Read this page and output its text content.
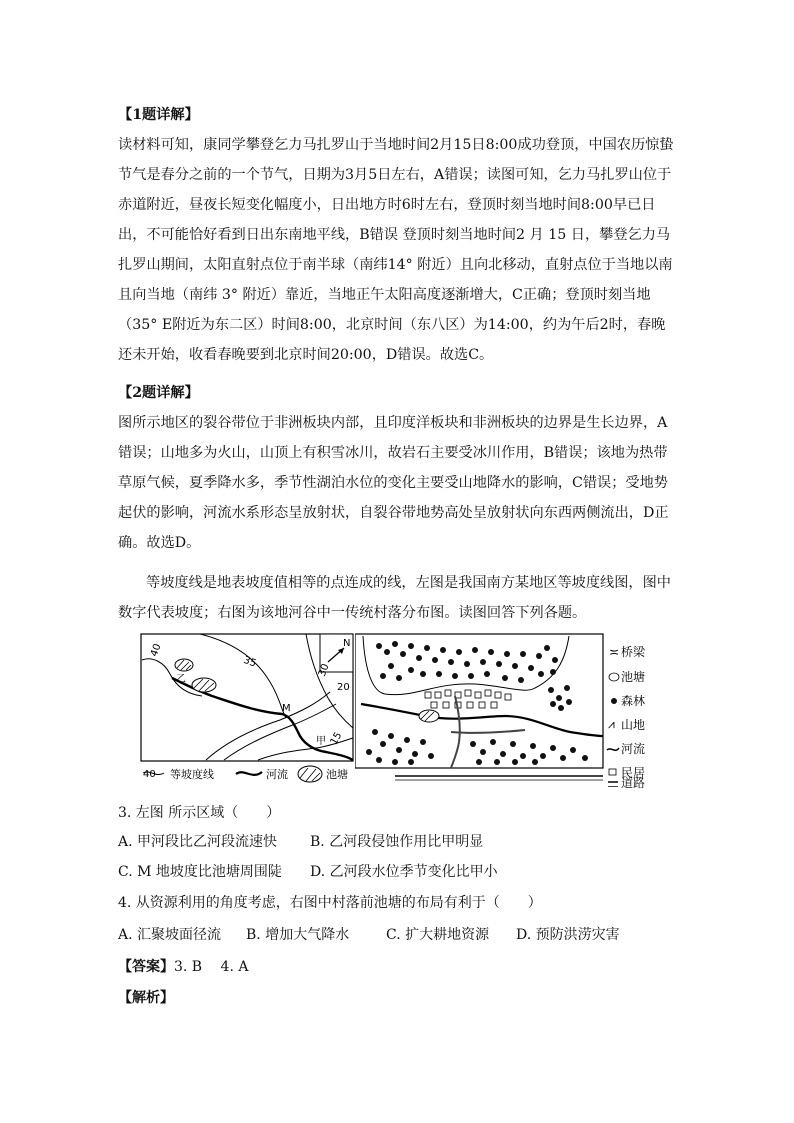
【1题详解】
读材料可知，康同学攀登乞力马扎罗山于当地时间2月15日8:00成功登顶，中国农历惊蛰节气是春分之前的一个节气，日期为3月5日左右，A错误；读图可知，乞力马扎罗山位于赤道附近，昼夜长短变化幅度小，日出地方时6时左右，登顶时刻当地时间8:00早已日出，不可能恰好看到日出东南地平线，B错误 登顶时刻当地时间2 月 15 日，攀登乞力马扎罗山期间，太阳直射点位于南半球（南纬14° 附近）且向北移动，直射点位于当地以南且向当地（南纬 3° 附近）靠近，当地正午太阳高度逐渐增大，C正确；登顶时刻当地（35° E附近为东二区）时间8:00，北京时间（东八区）为14:00，约为午后2时，春晚还未开始，收看春晚要到北京时间20:00，D错误。故选C。
【2题详解】
图所示地区的裂谷带位于非洲板块内部，且印度洋板块和非洲板块的边界是生长边界，A错误；山地多为火山，山顶上有积雪冰川，故岩石主要受冰川作用，B错误；该地为热带草原气候，夏季降水多，季节性湖泊水位的变化主要受山地降水的影响，C错误；受地势起伏的影响，河流水系形态呈放射状，自裂谷带地势高处呈放射状向东西两侧流出，D正确。故选D。
等坡度线是地表坡度值相等的点连成的线，左图是我国南方某地区等坡度线图，图中数字代表坡度；右图为该地河谷中一传统村落分布图。读图回答下列各题。
N
40
35
30
20
15
乙
M
甲
40 等坡度线	河流	池塘
≍ 桥梁
池塘
森林
⩘ 山地
河流
民居
道路
3. 左图 所示区域（　　）
A. 甲河段比乙河段流速快 B. 乙河段侵蚀作用比甲明显
C. M 地坡度比池塘周围陡 D. 乙河段水位季节变化比甲小
4. 从资源利用的角度考虑，右图中村落前池塘的布局有利于（　　）
A. 汇聚坡面径流 B. 增加大气降水	C. 扩大耕地资源 D. 预防洪涝灾害
【答案】3. B　 4. A
【解析】
